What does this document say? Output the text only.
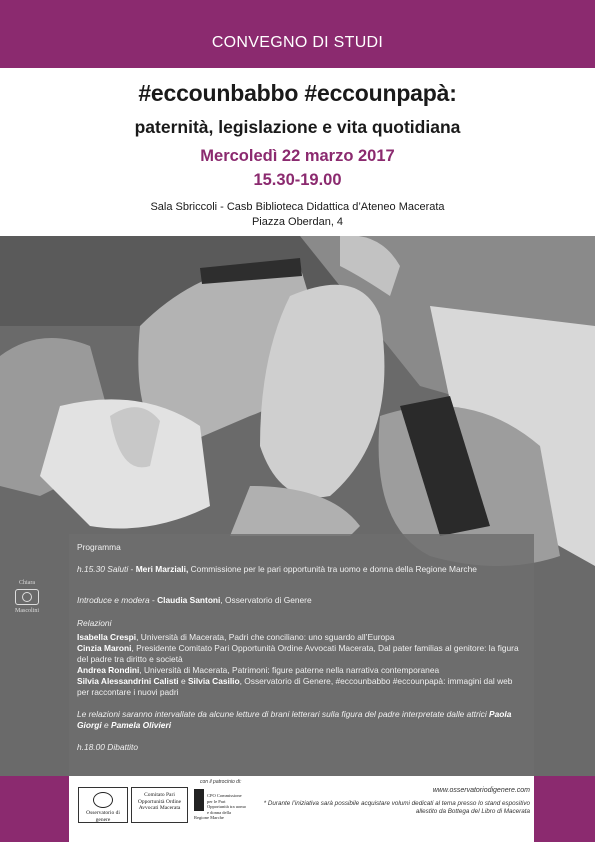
CONVEGNO DI STUDI
#eccounbabbo #eccounpapà:
paternità, legislazione e vita quotidiana
Mercoledì 22 marzo 2017
15.30-19.00
Sala Sbriccoli - Casb Biblioteca Didattica d’Ateneo Macerata
Piazza Oberdan, 4
Chiara
Mascolini
Programma
h.15.30 Saluti - Meri Marziali, Commissione per le pari opportunità tra uomo e donna della Regione Marche
Introduce e modera - Claudia Santoni, Osservatorio di Genere
Relazioni
Isabella Crespi, Università di Macerata, Padri che conciliano: uno sguardo all’Europa
Cinzia Maroni, Presidente Comitato Pari Opportunità Ordine Avvocati Macerata, Dal pater familias al genitore: la figura del padre tra diritto e società
Andrea Rondini, Università di Macerata, Patrimoni: figure paterne nella narrativa contemporanea
Silvia Alessandrini Calisti e Silvia Casilio, Osservatorio di Genere, #eccounbabbo #eccounpapà: immagini dal web per raccontare i nuovi padri
Le relazioni saranno intervallate da alcune letture di brani letterari sulla figura del padre interpretate dalle attrici Paola Giorgi e Pamela Olivieri
h.18.00 Dibattito
con il patrocinio di:
Osservatorio di genere
Comitato Pari Opportunità Ordine Avvocati Macerata
CPO Commissione per le Pari Opportunità tra uomo e donna della Regione Marche
www.osservatoriodigenere.com
* Durante l’iniziativa sarà possibile acquistare volumi dedicati al tema presso lo stand espositivo allestito da Bottega del Libro di Macerata
